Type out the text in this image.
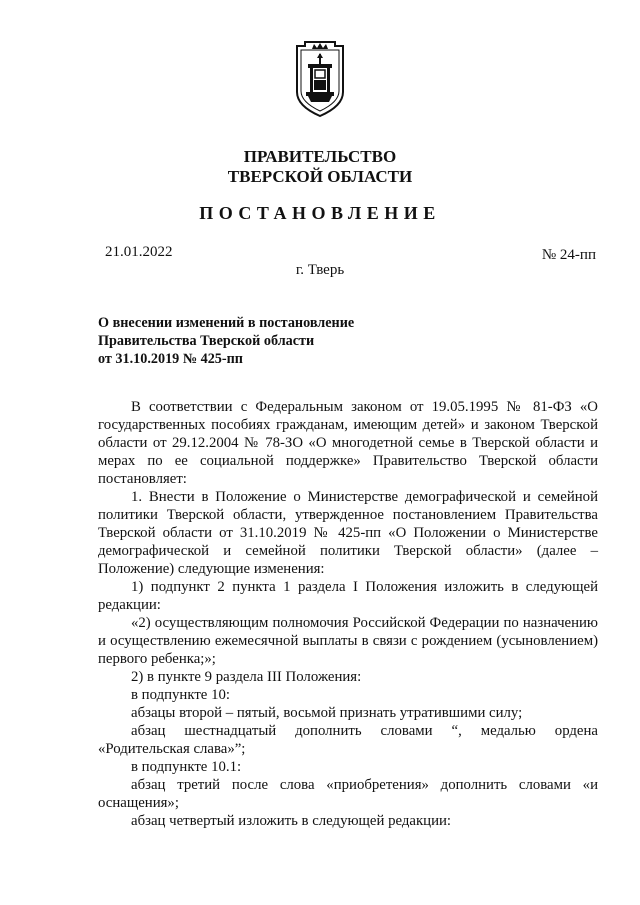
ПРАВИТЕЛЬСТВО
ТВЕРСКОЙ ОБЛАСТИ
ПОСТАНОВЛЕНИЕ
21.01.2022	№ 24-пп
г. Тверь
О внесении изменений в постановление
Правительства Тверской области
от 31.10.2019 № 425-пп

В соответствии с Федеральным законом от 19.05.1995 № 81-ФЗ «О государственных пособиях гражданам, имеющим детей» и законом Тверской области от 29.12.2004 № 78-ЗО «О многодетной семье в Тверской области и мерах по ее социальной поддержке» Правительство Тверской области постановляет:

1. Внести в Положение о Министерстве демографической и семейной политики Тверской области, утвержденное постановлением Правительства Тверской области от 31.10.2019 № 425-пп «О Положении о Министерстве демографической и семейной политики Тверской области» (далее – Положение) следующие изменения:

1) подпункт 2 пункта 1 раздела I Положения изложить в следующей редакции:

«2) осуществляющим полномочия Российской Федерации по назначению и осуществлению ежемесячной выплаты в связи с рождением (усыновлением) первого ребенка;»;

2) в пункте 9 раздела III Положения:

в подпункте 10:

абзацы второй – пятый, восьмой признать утратившими силу;

абзац шестнадцатый дополнить словами “, медалью ордена «Родительская слава»”;

в подпункте 10.1:

абзац третий после слова «приобретения» дополнить словами «и оснащения»;

абзац четвертый изложить в следующей редакции:
